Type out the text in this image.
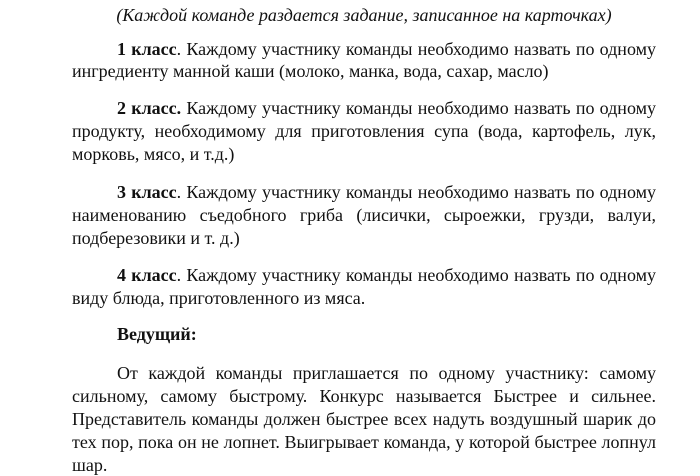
(Каждой команде раздается задание, записанное на карточках)
1 класс. Каждому участнику команды необходимо назвать по одному
ингредиенту манной каши (молоко, манка, вода, сахар, масло)
2 класс. Каждому участнику команды необходимо назвать по одному
продукту, необходимому для приготовления супа (вода, картофель, лук,
морковь, мясо, и т.д.)
3 класс. Каждому участнику команды необходимо назвать по одному
наименованию съедобного гриба (лисички, сыроежки, грузди, валуи,
подберезовики и т. д.)
4 класс. Каждому участнику команды необходимо назвать по одному
виду блюда, приготовленного из мяса.
Ведущий:
От каждой команды приглашается по одному участнику: самому
сильному, самому быстрому. Конкурс называется Быстрее и сильнее.
Представитель команды должен быстрее всех надуть воздушный шарик до
тех пор, пока он не лопнет. Выигрывает команда, у которой быстрее лопнул
шар.
